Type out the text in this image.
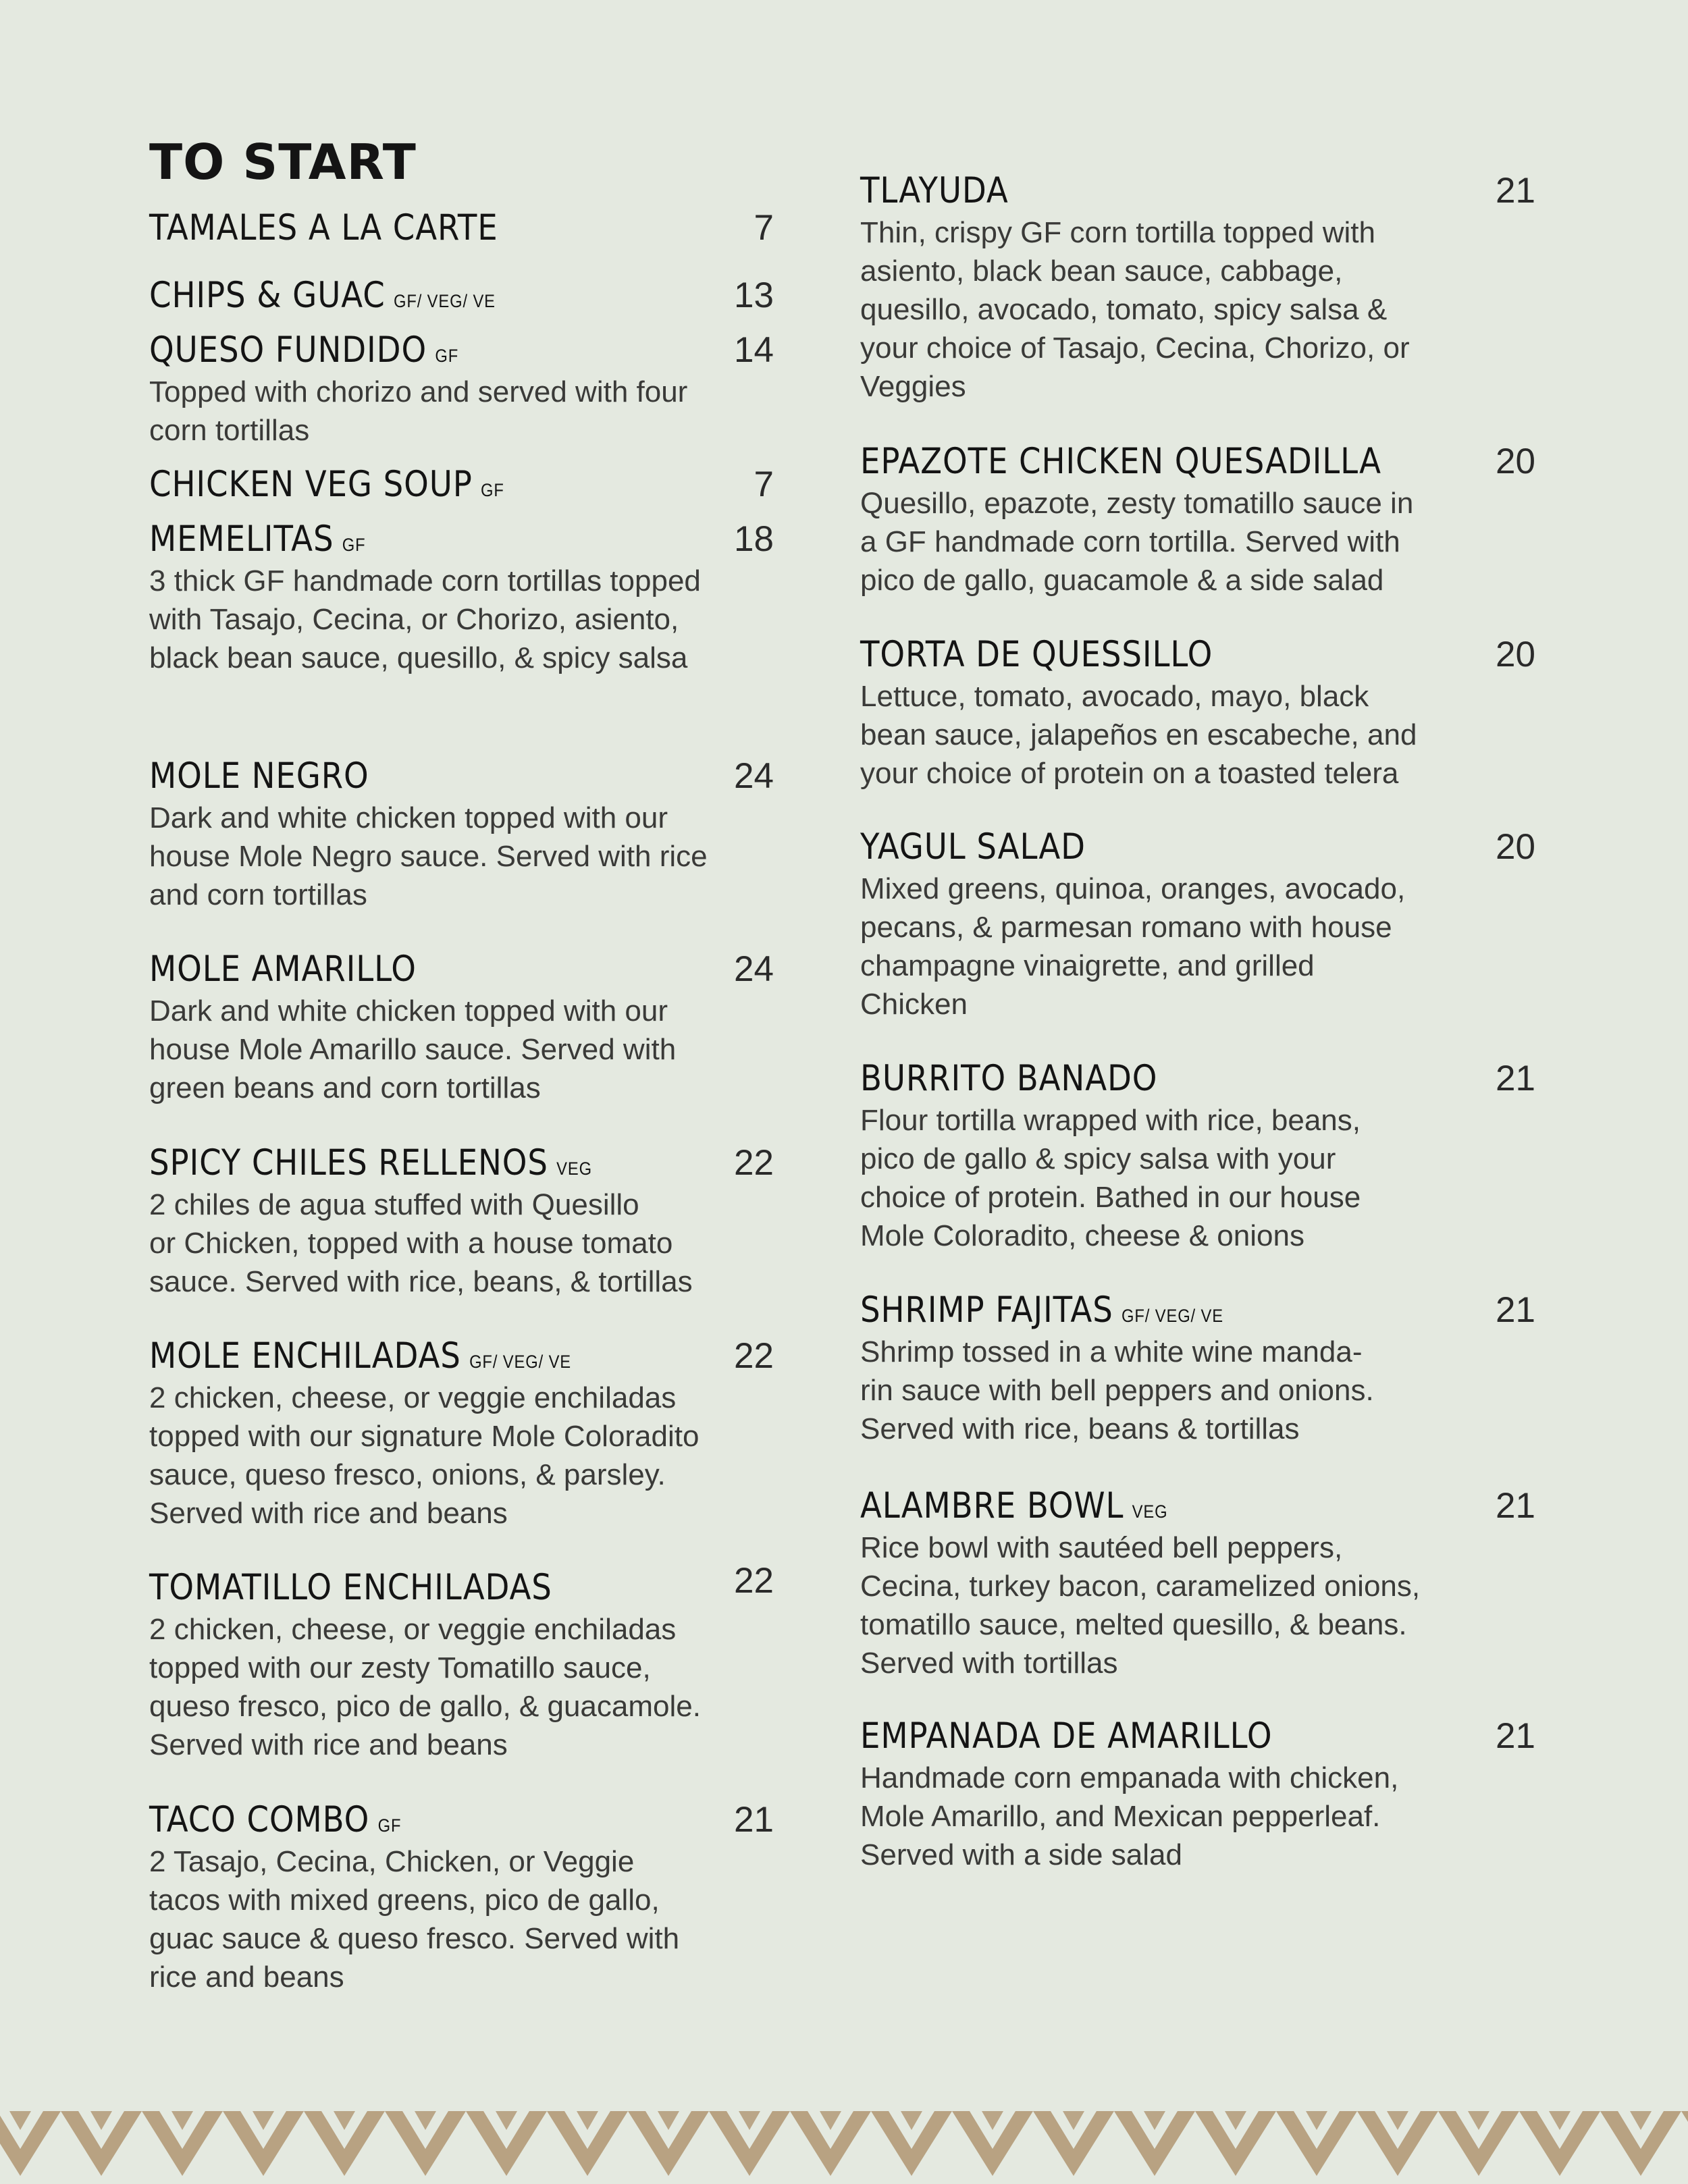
TO START
TAMALES A LA CARTE	7
CHIPS & GUAC GF/ VEG/ VE	13
QUESO FUNDIDO GF	14
Topped with chorizo and served with four
corn tortillas
CHICKEN VEG SOUP GF	7
MEMELITAS GF	18
3 thick GF handmade corn tortillas topped
with Tasajo, Cecina, or Chorizo, asiento,
black bean sauce, quesillo, & spicy salsa
MOLE NEGRO	24
Dark and white chicken topped with our
house Mole Negro sauce. Served with rice
and corn tortillas
MOLE AMARILLO	24
Dark and white chicken topped with our
house Mole Amarillo sauce. Served with
green beans and corn tortillas
SPICY CHILES RELLENOS VEG	22
2 chiles de agua stuffed with Quesillo
or Chicken, topped with a house tomato
sauce. Served with rice, beans, & tortillas
MOLE ENCHILADAS GF/ VEG/ VE	22
2 chicken, cheese, or veggie enchiladas
topped with our signature Mole Coloradito
sauce, queso fresco, onions, & parsley.
Served with rice and beans
TOMATILLO ENCHILADAS	22
2 chicken, cheese, or veggie enchiladas
topped with our zesty Tomatillo sauce,
queso fresco, pico de gallo, & guacamole.
Served with rice and beans
TACO COMBO GF	21
2 Tasajo, Cecina, Chicken, or Veggie
tacos with mixed greens, pico de gallo,
guac sauce & queso fresco. Served with
rice and beans
TLAYUDA	21
Thin, crispy GF corn tortilla topped with
asiento, black bean sauce, cabbage,
quesillo, avocado, tomato, spicy salsa &
your choice of Tasajo, Cecina, Chorizo, or
Veggies
EPAZOTE CHICKEN QUESADILLA	20
Quesillo, epazote, zesty tomatillo sauce in
a GF handmade corn tortilla. Served with
pico de gallo, guacamole & a side salad
TORTA DE QUESSILLO	20
Lettuce, tomato, avocado, mayo, black
bean sauce, jalapeños en escabeche, and
your choice of protein on a toasted telera
YAGUL SALAD	20
Mixed greens, quinoa, oranges, avocado,
pecans, & parmesan romano with house
champagne vinaigrette, and grilled
Chicken
BURRITO BANADO	21
Flour tortilla wrapped with rice, beans,
pico de gallo & spicy salsa with your
choice of protein. Bathed in our house
Mole Coloradito, cheese & onions
SHRIMP FAJITAS GF/ VEG/ VE	21
Shrimp tossed in a white wine manda-
rin sauce with bell peppers and onions.
Served with rice, beans & tortillas
ALAMBRE BOWL VEG	21
Rice bowl with sautéed bell peppers,
Cecina, turkey bacon, caramelized onions,
tomatillo sauce, melted quesillo, & beans.
Served with tortillas
EMPANADA DE AMARILLO	21
Handmade corn empanada with chicken,
Mole Amarillo, and Mexican pepperleaf.
Served with a side salad
